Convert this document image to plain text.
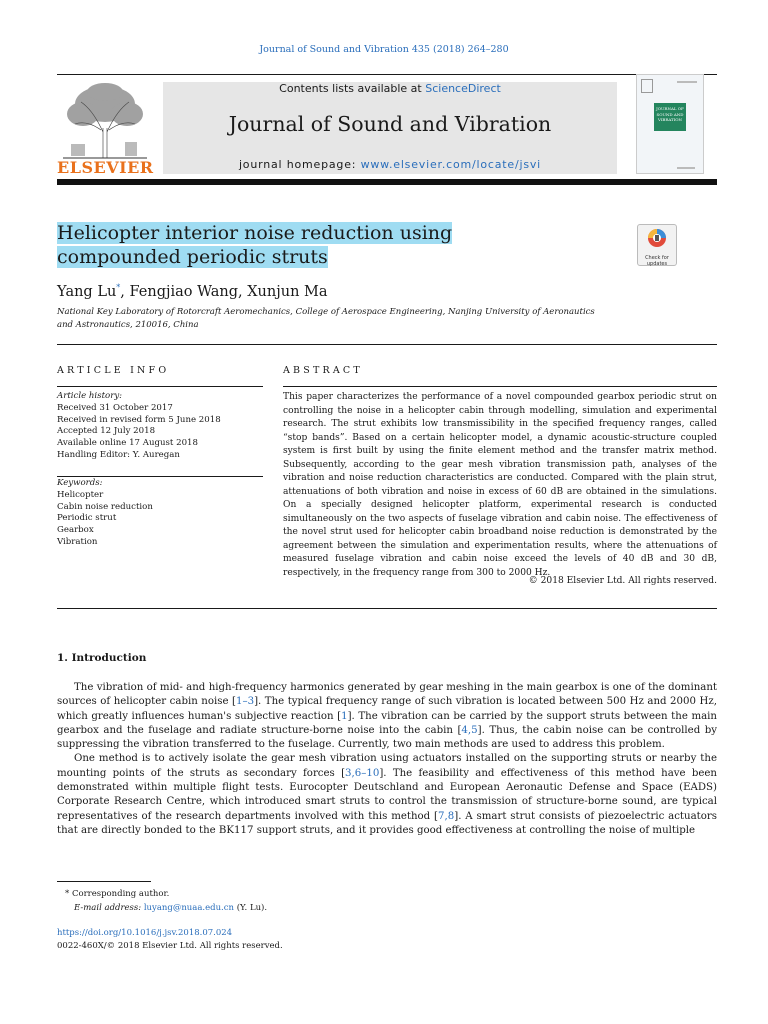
Journal of Sound and Vibration 435 (2018) 264–280
ELSEVIER
Contents lists available at ScienceDirect
Journal of Sound and Vibration
journal homepage: www.elsevier.com/locate/jsvi
JOURNAL OF SOUND AND VIBRATION
Helicopter interior noise reduction using compounded periodic struts	Check for updates
Yang Lu*, Fengjiao Wang, Xunjun Ma
National Key Laboratory of Rotorcraft Aeromechanics, College of Aerospace Engineering, Nanjing University of Aeronautics and Astronautics, 210016, China
ARTICLE INFO
Article history:
Received 31 October 2017
Received in revised form 5 June 2018
Accepted 12 July 2018
Available online 17 August 2018
Handling Editor: Y. Auregan
Keywords:
Helicopter
Cabin noise reduction
Periodic strut
Gearbox
Vibration
ABSTRACT
This paper characterizes the performance of a novel compounded gearbox periodic strut on controlling the noise in a helicopter cabin through modelling, simulation and experimental research. The strut exhibits low transmissibility in the specified frequency ranges, called “stop bands”. Based on a certain helicopter model, a dynamic acoustic-structure coupled system is first built by using the finite element method and the transfer matrix method. Subsequently, according to the gear mesh vibration transmission path, analyses of the vibration and noise reduction characteristics are conducted. Compared with the plain strut, attenuations of both vibration and noise in excess of 60 dB are obtained in the simulations. On a specially designed helicopter platform, experimental research is conducted simultaneously on the two aspects of fuselage vibration and cabin noise. The effectiveness of the novel strut used for helicopter cabin broadband noise reduction is demonstrated by the agreement between the simulation and experimentation results, where the attenuations of measured fuselage vibration and cabin noise exceed the levels of 40 dB and 30 dB, respectively, in the frequency range from 300 to 2000 Hz.
© 2018 Elsevier Ltd. All rights reserved.
1. Introduction

The vibration of mid- and high-frequency harmonics generated by gear meshing in the main gearbox is one of the dominant sources of helicopter cabin noise [1–3]. The typical frequency range of such vibration is located between 500 Hz and 2000 Hz, which greatly influences human's subjective reaction [1]. The vibration can be carried by the support struts between the main gearbox and the fuselage and radiate structure-borne noise into the cabin [4,5]. Thus, the cabin noise can be controlled by suppressing the vibration transferred to the fuselage. Currently, two main methods are used to address this problem.

One method is to actively isolate the gear mesh vibration using actuators installed on the supporting struts or nearby the mounting points of the struts as secondary forces [3,6–10]. The feasibility and effectiveness of this method have been demonstrated within multiple flight tests. Eurocopter Deutschland and European Aeronautic Defense and Space (EADS) Corporate Research Centre, which introduced smart struts to control the transmission of structure-borne sound, are typical representatives of the research departments involved with this method [7,8]. A smart strut consists of piezoelectric actuators that are directly bonded to the BK117 support struts, and it provides good effectiveness at controlling the noise of multiple

* Corresponding author.
E-mail address: luyang@nuaa.edu.cn (Y. Lu).
https://doi.org/10.1016/j.jsv.2018.07.024
0022-460X/© 2018 Elsevier Ltd. All rights reserved.
